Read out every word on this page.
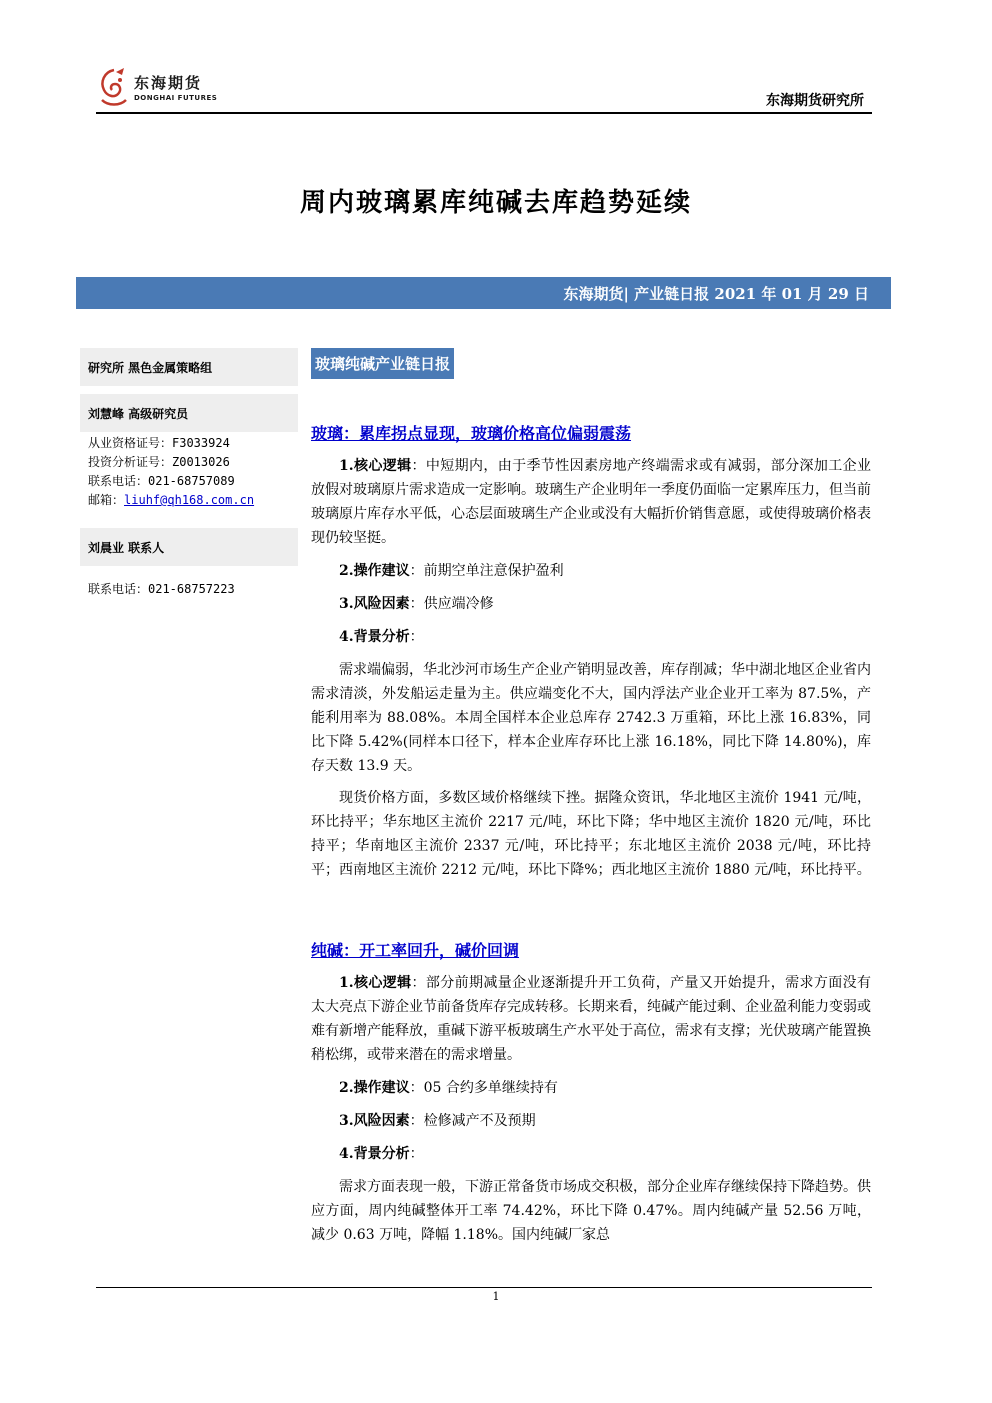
东海期货
DONGHAI FUTURES	东海期货研究所
周内玻璃累库纯碱去库趋势延续
东海期货| 产业链日报 2021 年 01 月 29 日
研究所 黑色金属策略组
刘慧峰 高级研究员
从业资格证号：F3033924
投资分析证号：Z0013026
联系电话：021-68757089
邮箱：liuhf@qh168.com.cn
刘晨业 联系人
联系电话：021-68757223
玻璃纯碱产业链日报
玻璃：累库拐点显现，玻璃价格高位偏弱震荡
1.核心逻辑：中短期内，由于季节性因素房地产终端需求或有减弱，部分深加工企业放假对玻璃原片需求造成一定影响。玻璃生产企业明年一季度仍面临一定累库压力，但当前玻璃原片库存水平低，心态层面玻璃生产企业或没有大幅折价销售意愿，或使得玻璃价格表现仍较坚挺。
2.操作建议：前期空单注意保护盈利
3.风险因素：供应端冷修
4.背景分析：
需求端偏弱，华北沙河市场生产企业产销明显改善，库存削减；华中湖北地区企业省内需求清淡，外发船运走量为主。供应端变化不大，国内浮法产业企业开工率为 87.5%，产能利用率为 88.08%。本周全国样本企业总库存 2742.3 万重箱，环比上涨 16.83%，同比下降 5.42%(同样本口径下，样本企业库存环比上涨 16.18%，同比下降 14.80%)，库存天数 13.9 天。
现货价格方面，多数区域价格继续下挫。据隆众资讯，华北地区主流价 1941 元/吨，环比持平；华东地区主流价 2217 元/吨，环比下降；华中地区主流价 1820 元/吨，环比持平；华南地区主流价 2337 元/吨，环比持平；东北地区主流价 2038 元/吨，环比持平；西南地区主流价 2212 元/吨，环比下降%；西北地区主流价 1880 元/吨，环比持平。
纯碱：开工率回升，碱价回调
1.核心逻辑：部分前期减量企业逐渐提升开工负荷，产量又开始提升，需求方面没有太大亮点下游企业节前备货库存完成转移。长期来看，纯碱产能过剩、企业盈利能力变弱或难有新增产能释放，重碱下游平板玻璃生产水平处于高位，需求有支撑；光伏玻璃产能置换稍松绑，或带来潜在的需求增量。
2.操作建议：05 合约多单继续持有
3.风险因素：检修减产不及预期
4.背景分析：
需求方面表现一般，下游正常备货市场成交积极，部分企业库存继续保持下降趋势。供应方面，周内纯碱整体开工率 74.42%，环比下降 0.47%。周内纯碱产量 52.56 万吨，减少 0.63 万吨，降幅 1.18%。国内纯碱厂家总
1
